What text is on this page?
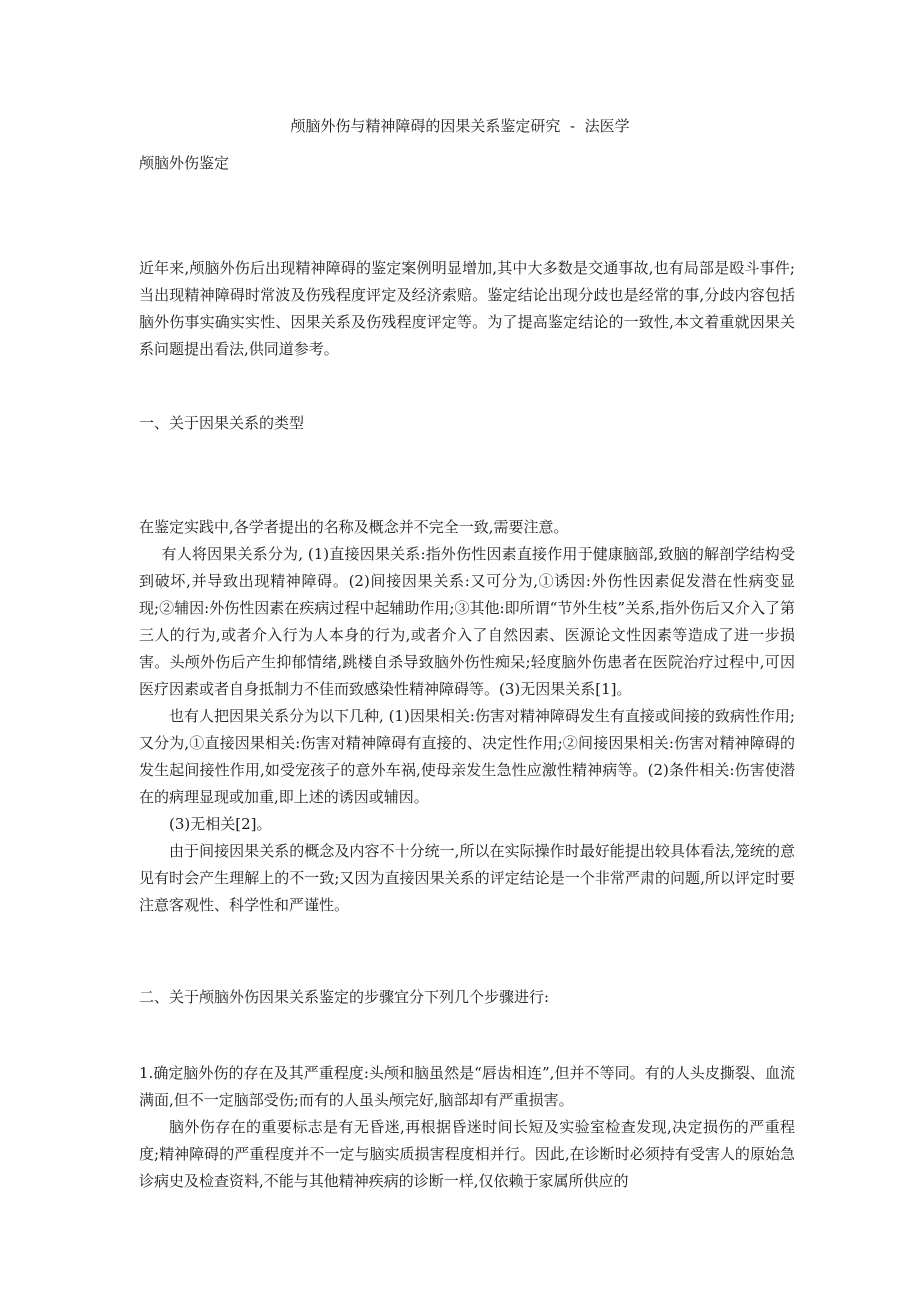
颅脑外伤与精神障碍的因果关系鉴定研究  -  法医学
颅脑外伤鉴定

近年来,颅脑外伤后出现精神障碍的鉴定案例明显增加,其中大多数是交通事故,也有局部是殴斗事件;当出现精神障碍时常波及伤残程度评定及经济索赔。鉴定结论出现分歧也是经常的事,分歧内容包括脑外伤事实确实实性、因果关系及伤残程度评定等。为了提高鉴定结论的一致性,本文着重就因果关系问题提出看法,供同道参考。

一、关于因果关系的类型

在鉴定实践中,各学者提出的名称及概念并不完全一致,需要注意。

有人将因果关系分为, (1)直接因果关系:指外伤性因素直接作用于健康脑部,致脑的解剖学结构受到破坏,并导致出现精神障碍。(2)间接因果关系:又可分为,①诱因:外伤性因素促发潜在性病变显现;②辅因:外伤性因素在疾病过程中起辅助作用;③其他:即所谓“节外生枝”关系,指外伤后又介入了第三人的行为,或者介入行为人本身的行为,或者介入了自然因素、医源论文性因素等造成了进一步损害。头颅外伤后产生抑郁情绪,跳楼自杀导致脑外伤性痴呆;轻度脑外伤患者在医院治疗过程中,可因医疗因素或者自身抵制力不佳而致感染性精神障碍等。(3)无因果关系[1]。

也有人把因果关系分为以下几种, (1)因果相关:伤害对精神障碍发生有直接或间接的致病性作用;又分为,①直接因果相关:伤害对精神障碍有直接的、决定性作用;②间接因果相关:伤害对精神障碍的发生起间接性作用,如受宠孩子的意外车祸,使母亲发生急性应激性精神病等。(2)条件相关:伤害使潜在的病理显现或加重,即上述的诱因或辅因。

(3)无相关[2]。

由于间接因果关系的概念及内容不十分统一,所以在实际操作时最好能提出较具体看法,笼统的意见有时会产生理解上的不一致;又因为直接因果关系的评定结论是一个非常严肃的问题,所以评定时要注意客观性、科学性和严谨性。

二、关于颅脑外伤因果关系鉴定的步骤宜分下列几个步骤进行:

1.确定脑外伤的存在及其严重程度:头颅和脑虽然是“唇齿相连”,但并不等同。有的人头皮撕裂、血流满面,但不一定脑部受伤;而有的人虽头颅完好,脑部却有严重损害。

脑外伤存在的重要标志是有无昏迷,再根据昏迷时间长短及实验室检查发现,决定损伤的严重程度;精神障碍的严重程度并不一定与脑实质损害程度相并行。因此,在诊断时必须持有受害人的原始急诊病史及检查资料,不能与其他精神疾病的诊断一样,仅依赖于家属所供应的
